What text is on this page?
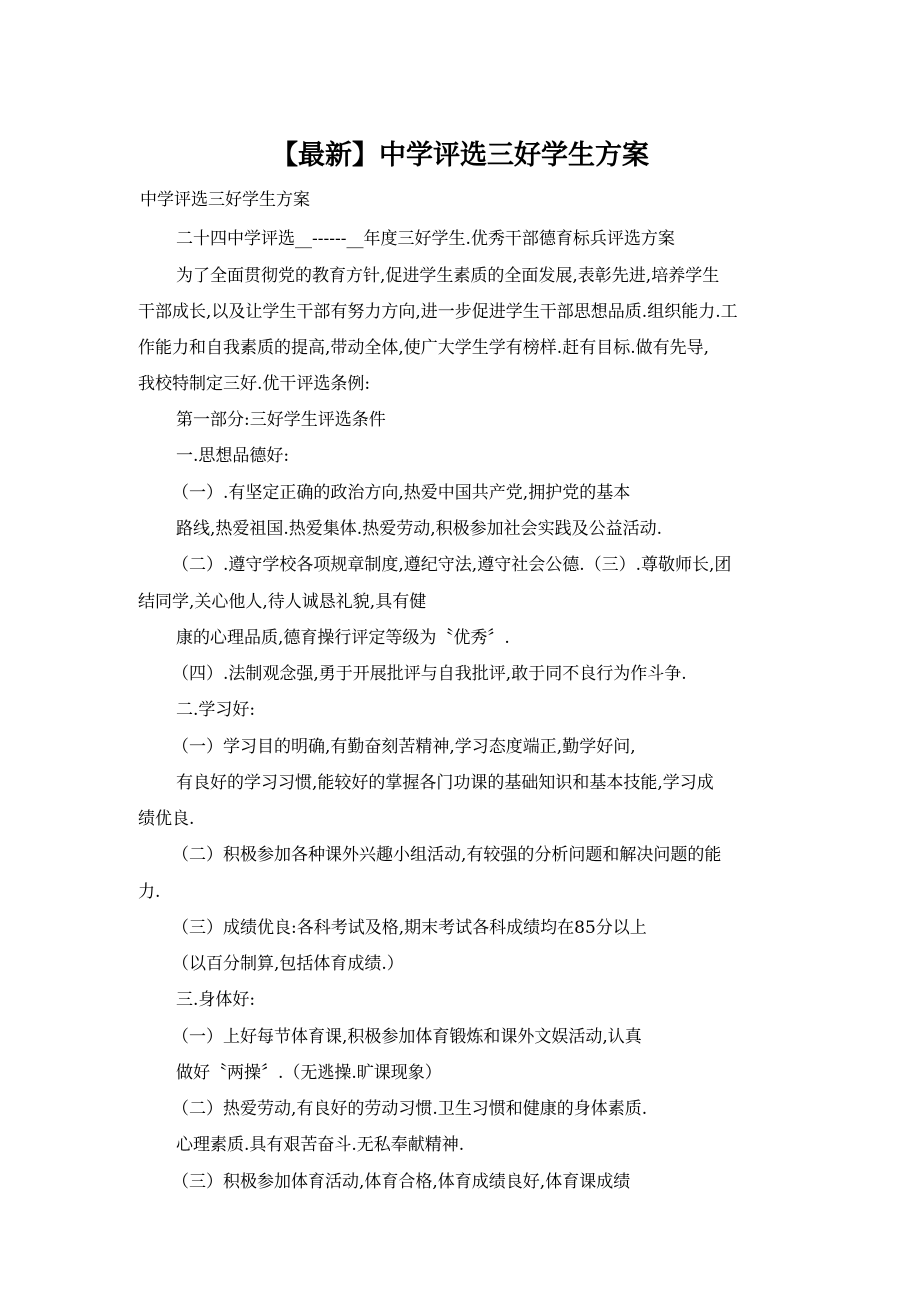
【最新】中学评选三好学生方案

中学评选三好学生方案

二十四中学评选__------__年度三好学生.优秀干部德育标兵评选方案

为了全面贯彻党的教育方针,促进学生素质的全面发展,表彰先进,培养学生

干部成长,以及让学生干部有努力方向,进一步促进学生干部思想品质.组织能力.工

作能力和自我素质的提高,带动全体,使广大学生学有榜样.赶有目标.做有先导,

我校特制定三好.优干评选条例:

第一部分:三好学生评选条件

一.思想品德好:

（一）.有坚定正确的政治方向,热爱中国共产党,拥护党的基本

路线,热爱祖国.热爱集体.热爱劳动,积极参加社会实践及公益活动.

（二）.遵守学校各项规章制度,遵纪守法,遵守社会公德.（三）.尊敬师长,团

结同学,关心他人,待人诚恳礼貌,具有健

康的心理品质,德育操行评定等级为〝优秀〞.

（四）.法制观念强,勇于开展批评与自我批评,敢于同不良行为作斗争.

二.学习好:

（一）学习目的明确,有勤奋刻苦精神,学习态度端正,勤学好问,

有良好的学习习惯,能较好的掌握各门功课的基础知识和基本技能,学习成

绩优良.

（二）积极参加各种课外兴趣小组活动,有较强的分析问题和解决问题的能

力.

（三）成绩优良:各科考试及格,期末考试各科成绩均在85分以上

（以百分制算,包括体育成绩.）

三.身体好:

（一）上好每节体育课,积极参加体育锻炼和课外文娱活动,认真

做好〝两操〞.（无逃操.旷课现象）

（二）热爱劳动,有良好的劳动习惯.卫生习惯和健康的身体素质.

心理素质.具有艰苦奋斗.无私奉献精神.

（三）积极参加体育活动,体育合格,体育成绩良好,体育课成绩
